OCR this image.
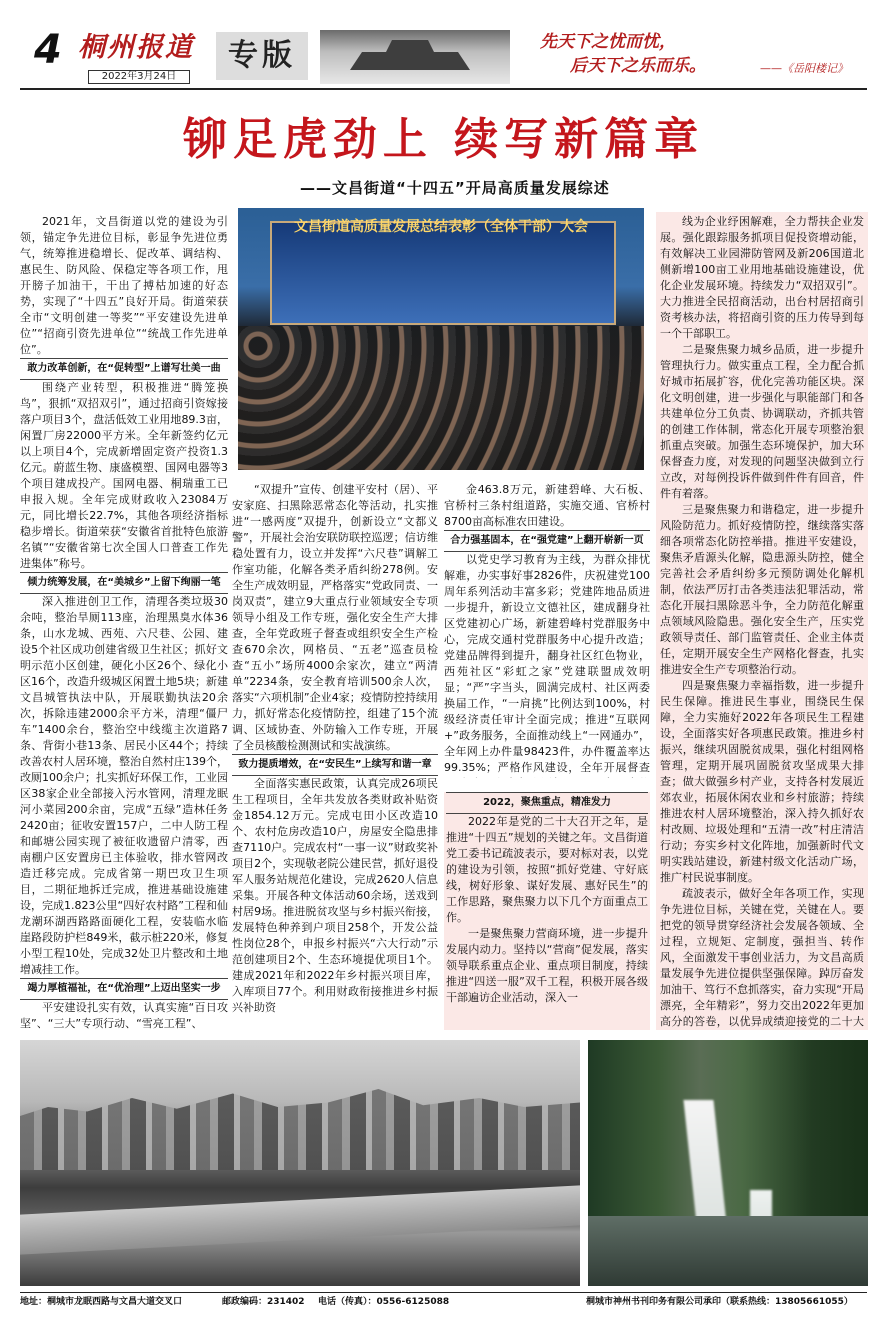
4 桐州报道
2022年3月24日
专版	先天下之忧而忧，
后天下之乐而乐。	——《岳阳楼记》
铆足虎劲上 续写新篇章
——文昌街道“十四五”开局高质量发展综述
文昌街道高质量发展总结表彰（全体干部）大会

2021年，文昌街道以党的建设为引领，锚定争先进位目标，彰显争先进位勇气，统筹推进稳增长、促改革、调结构、惠民生、防风险、保稳定等各项工作，甩开膀子加油干，干出了搏枯加速的好态势，实现了“十四五”良好开局。街道荣获全市“文明创建一等奖”“平安建设先进单位”“招商引资先进单位”“统战工作先进单位”。

敢力改革创新，在“促转型”上谱写壮美一曲

围绕产业转型，积极推进“腾笼换鸟”，狠抓“双招双引”，通过招商引资嫁接落户项目3个，盘活低效工业用地89.3亩，闲置厂房22000平方米。全年新签约亿元以上项目4个，完成新增固定资产投资1.3亿元。蔚蓝生物、康盛模塑、国网电器等3个项目建成投产。国网电器、桐瑞重工已申报入规。全年完成财政收入23084万元，同比增长22.7%，其他各项经济指标稳步增长。街道荣获“安徽省首批特色旅游名镇”“安徽省第七次全国人口普查工作先进集体”称号。

倾力统筹发展，在“美城乡”上留下绚丽一笔

深入推进创卫工作，清理各类垃圾30余吨，整治旱厕113座，治理黑臭水体36条，山水龙城、西苑、六尺巷、公园、建设5个社区成功创建省级卫生社区；抓好文明示范小区创建，硬化小区26个、绿化小区16个，改造升级城区闲置土地5块；新建文昌城管执法中队，开展联勤执法20余次，拆除违建2000余平方米，清理“僵尸车”1400余台，整治空中线缆主次道路7条、背街小巷13条、居民小区44个；持续改善农村人居环境，整治自然村庄139个，改厕100余户；扎实抓好环保工作，工业园区38家企业全部接入污水管网，清理龙眠河小菜园200余亩，完成“五绿”造林任务2420亩；征收安置157户，二中人防工程和邮塘公园实现了被征收遗留户清零，西南棚户区安置房已主体验收，排水管网改造迁移完成。完成省第一期巴攻卫生项目，二期征地拆迁完成，推进基础设施建设，完成1.823公里“四好农村路”工程和仙龙潮环湖西路路面硬化工程，安装临水临崖路段防护栏849米，截示桩220米，修复小型工程10处，完成32处卫片整改和土地增减挂工作。

竭力厚植福祉，在“优治理”上迈出坚实一步

平安建设扎实有效，认真实施“百日攻坚”、“三大”专项行动、“雪亮工程”、

“双提升”宣传、创建平安村（居）、平安家庭、扫黑除恶常态化等活动，扎实推进“一感两度”双提升，创新设立“文都义警”，开展社会治安联防联控巡逻；信访维稳处置有力，设立并发挥“六尺巷”调解工作室功能，化解各类矛盾纠纷278例。安全生产成效明显，严格落实“党政同责、一岗双责”，建立9大重点行业领域安全专项领导小组及工作专班，强化安全生产大排查，全年党政班子督查或组织安全生产检查670余次，网格员、“五老”巡查员检查“五小”场所4000余家次，建立“两清单”2234条，安全教育培训500余人次，落实“六项机制”企业4家；疫情防控持续用力，抓好常态化疫情防控，组建了15个流调、区域协查、外防输入工作专班，开展了全员核酸检测测试和实战演练。

致力提质增效，在“安民生”上续写和谐一章

全面落实惠民政策，认真完成26项民生工程项目，全年共发放各类财政补贴资金1854.12万元。完成屯田小区改造10个、农村危房改造10户，房屋安全隐患排查7110户。完成农村“一事一议”财政奖补项目2个，实现敬老院公建民营，抓好退役军人服务站规范化建设，完成2620人信息采集。开展各种文体活动60余场，送戏到村居9场。推进脱贫攻坚与乡村振兴衔接，发展特色种养到户项目258个，开发公益性岗位28个，申报乡村振兴“六大行动”示范创建项目2个、生态环境提优项目1个。建成2021年和2022年乡村振兴项目库，入库项目77个。利用财政衔接推进乡村振兴补助资

金463.8万元，新建碧峰、大石板、官桥村三条村组道路，实施交通、官桥村8700亩高标准农田建设。

合力强基固本，在“强党建”上翻开崭新一页

以党史学习教育为主线，为群众排忧解难，办实事好事2826件，庆祝建党100周年系列活动丰富多彩；党建阵地品质进一步提升，新设立文德社区，建成翻身社区党建初心广场，新建碧峰村党群服务中心，完成交通村党群服务中心提升改造；党建品牌得到提升，翻身社区红色物业，西苑社区“彩虹之家”党建联盟成效明显；“严”字当头，圆满完成村、社区两委换届工作，“一肩挑”比例达到100%，村级经济责任审计全面完成；推进“互联网+”政务服务，全面推动线上“一网通办”，全年网上办件量98423件，办件覆盖率达99.35%；严格作风建设，全年开展督查

2022，聚焦重点，精准发力

2022年是党的二十大召开之年，是推进“十四五”规划的关键之年。文昌街道党工委书记疏波表示，要对标对表，以党的建设为引领，按照“抓好党建、守好底线，树好形象、谋好发展、惠好民生”的工作思路，聚焦聚力以下几个方面重点工作。

一是聚焦聚力营商环境，进一步提升发展内动力。坚持以“营商”促发展，落实领导联系重点企业、重点项目制度，持续推进“四送一服”双千工程，积极开展各级干部遍访企业活动，深入一

线为企业纾困解难，全力帮扶企业发展。强化跟踪服务抓项目促投资增动能，有效解决工业园滞防管网及新206国道北侧新增100亩工业用地基础设施建设，优化企业发展环境。持续发力“双招双引”。大力推进全民招商活动，出台村居招商引资考核办法，将招商引资的压力传导到每一个干部职工。

二是聚焦聚力城乡品质，进一步提升管理执行力。做实重点工程，全力配合抓好城市拓展扩容，优化完善功能区块。深化文明创建，进一步强化与职能部门和各共建单位分工负责、协调联动，齐抓共管的创建工作体制，常态化开展专项整治狠抓重点突破。加强生态环境保护，加大环保督查力度，对发现的问题坚决做到立行立改，对每例投诉件做到件件有回音，件件有着落。

三是聚焦聚力和谐稳定，进一步提升风险防范力。抓好疫情防控，继续落实落细各项常态化防控举措。推进平安建设，聚焦矛盾源头化解，隐患源头防控，健全完善社会矛盾纠纷多元预防调处化解机制，依法严厉打击各类违法犯罪活动，常态化开展扫黑除恶斗争，全力防范化解重点领域风险隐患。强化安全生产，压实党政领导责任、部门监管责任、企业主体责任，定期开展安全生产网格化督查，扎实推进安全生产专项整治行动。

四是聚焦聚力幸福指数，进一步提升民生保障。推进民生事业，围绕民生保障，全力实施好2022年各项民生工程建设，全面落实好各项惠民政策。推进乡村振兴，继续巩固脱贫成果，强化村组网格管理，定期开展巩固脱贫攻坚成果大排查；做大做强乡村产业，支持各村发展近郊农业，拓展休闲农业和乡村旅游；持续推进农村人居环境整治，深入持久抓好农村改厕、垃圾处理和“五清一改”村庄清洁行动；夯实乡村文化阵地，加强新时代文明实践站建设，新建村级文化活动广场，推广村民说事制度。

疏波表示，做好全年各项工作，实现争先进位目标，关键在党，关键在人。要把党的领导贯穿经济社会发展各领域、全过程，立规矩、定制度，强担当、转作风，全面激发干事创业活力，为文昌高质量发展争先进位提供坚强保障。踔厉奋发加油干、笃行不怠抓落实，奋力实现“开局漂亮，全年精彩”，努力交出2022年更加高分的答卷，以优异成绩迎接党的二十大

地址：桐城市龙眠西路与文昌大道交叉口	邮政编码：231402 电话（传真）：0556-6125088	桐城市神州书刊印务有限公司承印（联系热线：13805661055）
